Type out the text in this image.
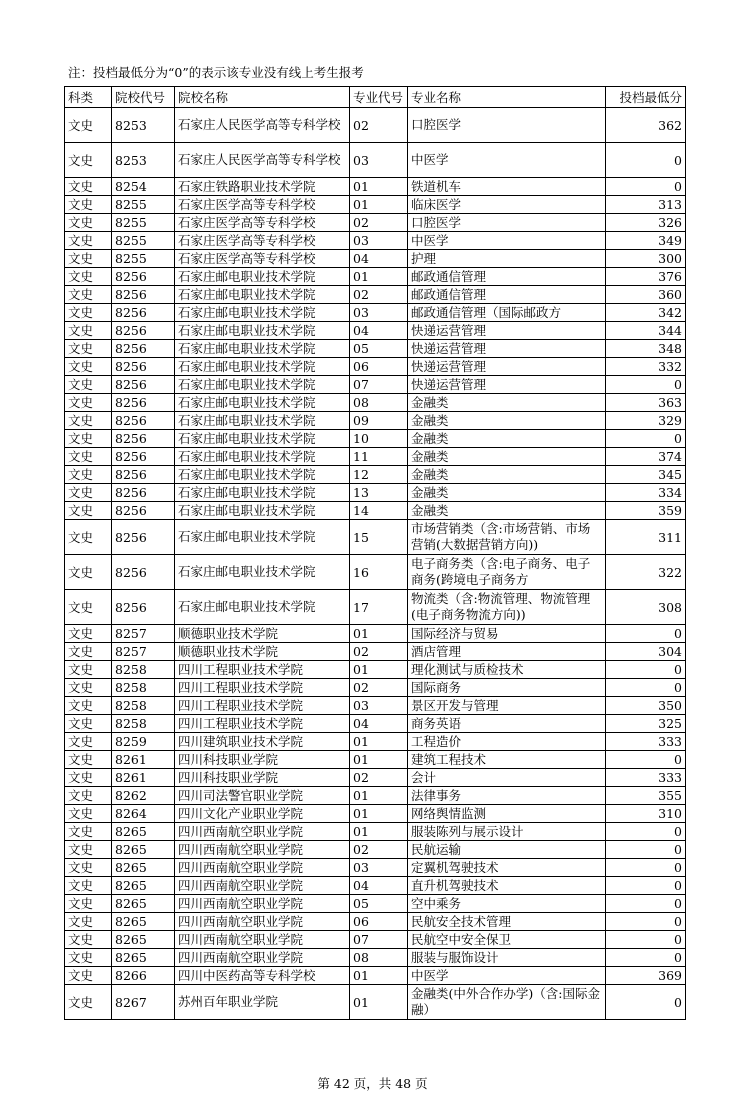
注：投档最低分为“0”的表示该专业没有线上考生报考
科类	院校代号	院校名称	专业代号	专业名称	投档最低分
文史	8253	石家庄人民医学高等专科学校	02	口腔医学	362
文史	8253	石家庄人民医学高等专科学校	03	中医学	0
文史	8254	石家庄铁路职业技术学院	01	铁道机车	0
文史	8255	石家庄医学高等专科学校	01	临床医学	313
文史	8255	石家庄医学高等专科学校	02	口腔医学	326
文史	8255	石家庄医学高等专科学校	03	中医学	349
文史	8255	石家庄医学高等专科学校	04	护理	300
文史	8256	石家庄邮电职业技术学院	01	邮政通信管理	376
文史	8256	石家庄邮电职业技术学院	02	邮政通信管理	360
文史	8256	石家庄邮电职业技术学院	03	邮政通信管理（国际邮政方	342
文史	8256	石家庄邮电职业技术学院	04	快递运营管理	344
文史	8256	石家庄邮电职业技术学院	05	快递运营管理	348
文史	8256	石家庄邮电职业技术学院	06	快递运营管理	332
文史	8256	石家庄邮电职业技术学院	07	快递运营管理	0
文史	8256	石家庄邮电职业技术学院	08	金融类	363
文史	8256	石家庄邮电职业技术学院	09	金融类	329
文史	8256	石家庄邮电职业技术学院	10	金融类	0
文史	8256	石家庄邮电职业技术学院	11	金融类	374
文史	8256	石家庄邮电职业技术学院	12	金融类	345
文史	8256	石家庄邮电职业技术学院	13	金融类	334
文史	8256	石家庄邮电职业技术学院	14	金融类	359
文史	8256	石家庄邮电职业技术学院	15	市场营销类（含:市场营销、市场营销(大数据营销方向))	311
文史	8256	石家庄邮电职业技术学院	16	电子商务类（含:电子商务、电子商务(跨境电子商务方	322
文史	8256	石家庄邮电职业技术学院	17	物流类（含:物流管理、物流管理(电子商务物流方向))	308
文史	8257	顺德职业技术学院	01	国际经济与贸易	0
文史	8257	顺德职业技术学院	02	酒店管理	304
文史	8258	四川工程职业技术学院	01	理化测试与质检技术	0
文史	8258	四川工程职业技术学院	02	国际商务	0
文史	8258	四川工程职业技术学院	03	景区开发与管理	350
文史	8258	四川工程职业技术学院	04	商务英语	325
文史	8259	四川建筑职业技术学院	01	工程造价	333
文史	8261	四川科技职业学院	01	建筑工程技术	0
文史	8261	四川科技职业学院	02	会计	333
文史	8262	四川司法警官职业学院	01	法律事务	355
文史	8264	四川文化产业职业学院	01	网络舆情监测	310
文史	8265	四川西南航空职业学院	01	服装陈列与展示设计	0
文史	8265	四川西南航空职业学院	02	民航运输	0
文史	8265	四川西南航空职业学院	03	定翼机驾驶技术	0
文史	8265	四川西南航空职业学院	04	直升机驾驶技术	0
文史	8265	四川西南航空职业学院	05	空中乘务	0
文史	8265	四川西南航空职业学院	06	民航安全技术管理	0
文史	8265	四川西南航空职业学院	07	民航空中安全保卫	0
文史	8265	四川西南航空职业学院	08	服装与服饰设计	0
文史	8266	四川中医药高等专科学校	01	中医学	369
文史	8267	苏州百年职业学院	01	金融类(中外合作办学)（含:国际金融）	0
第 42 页，共 48 页
